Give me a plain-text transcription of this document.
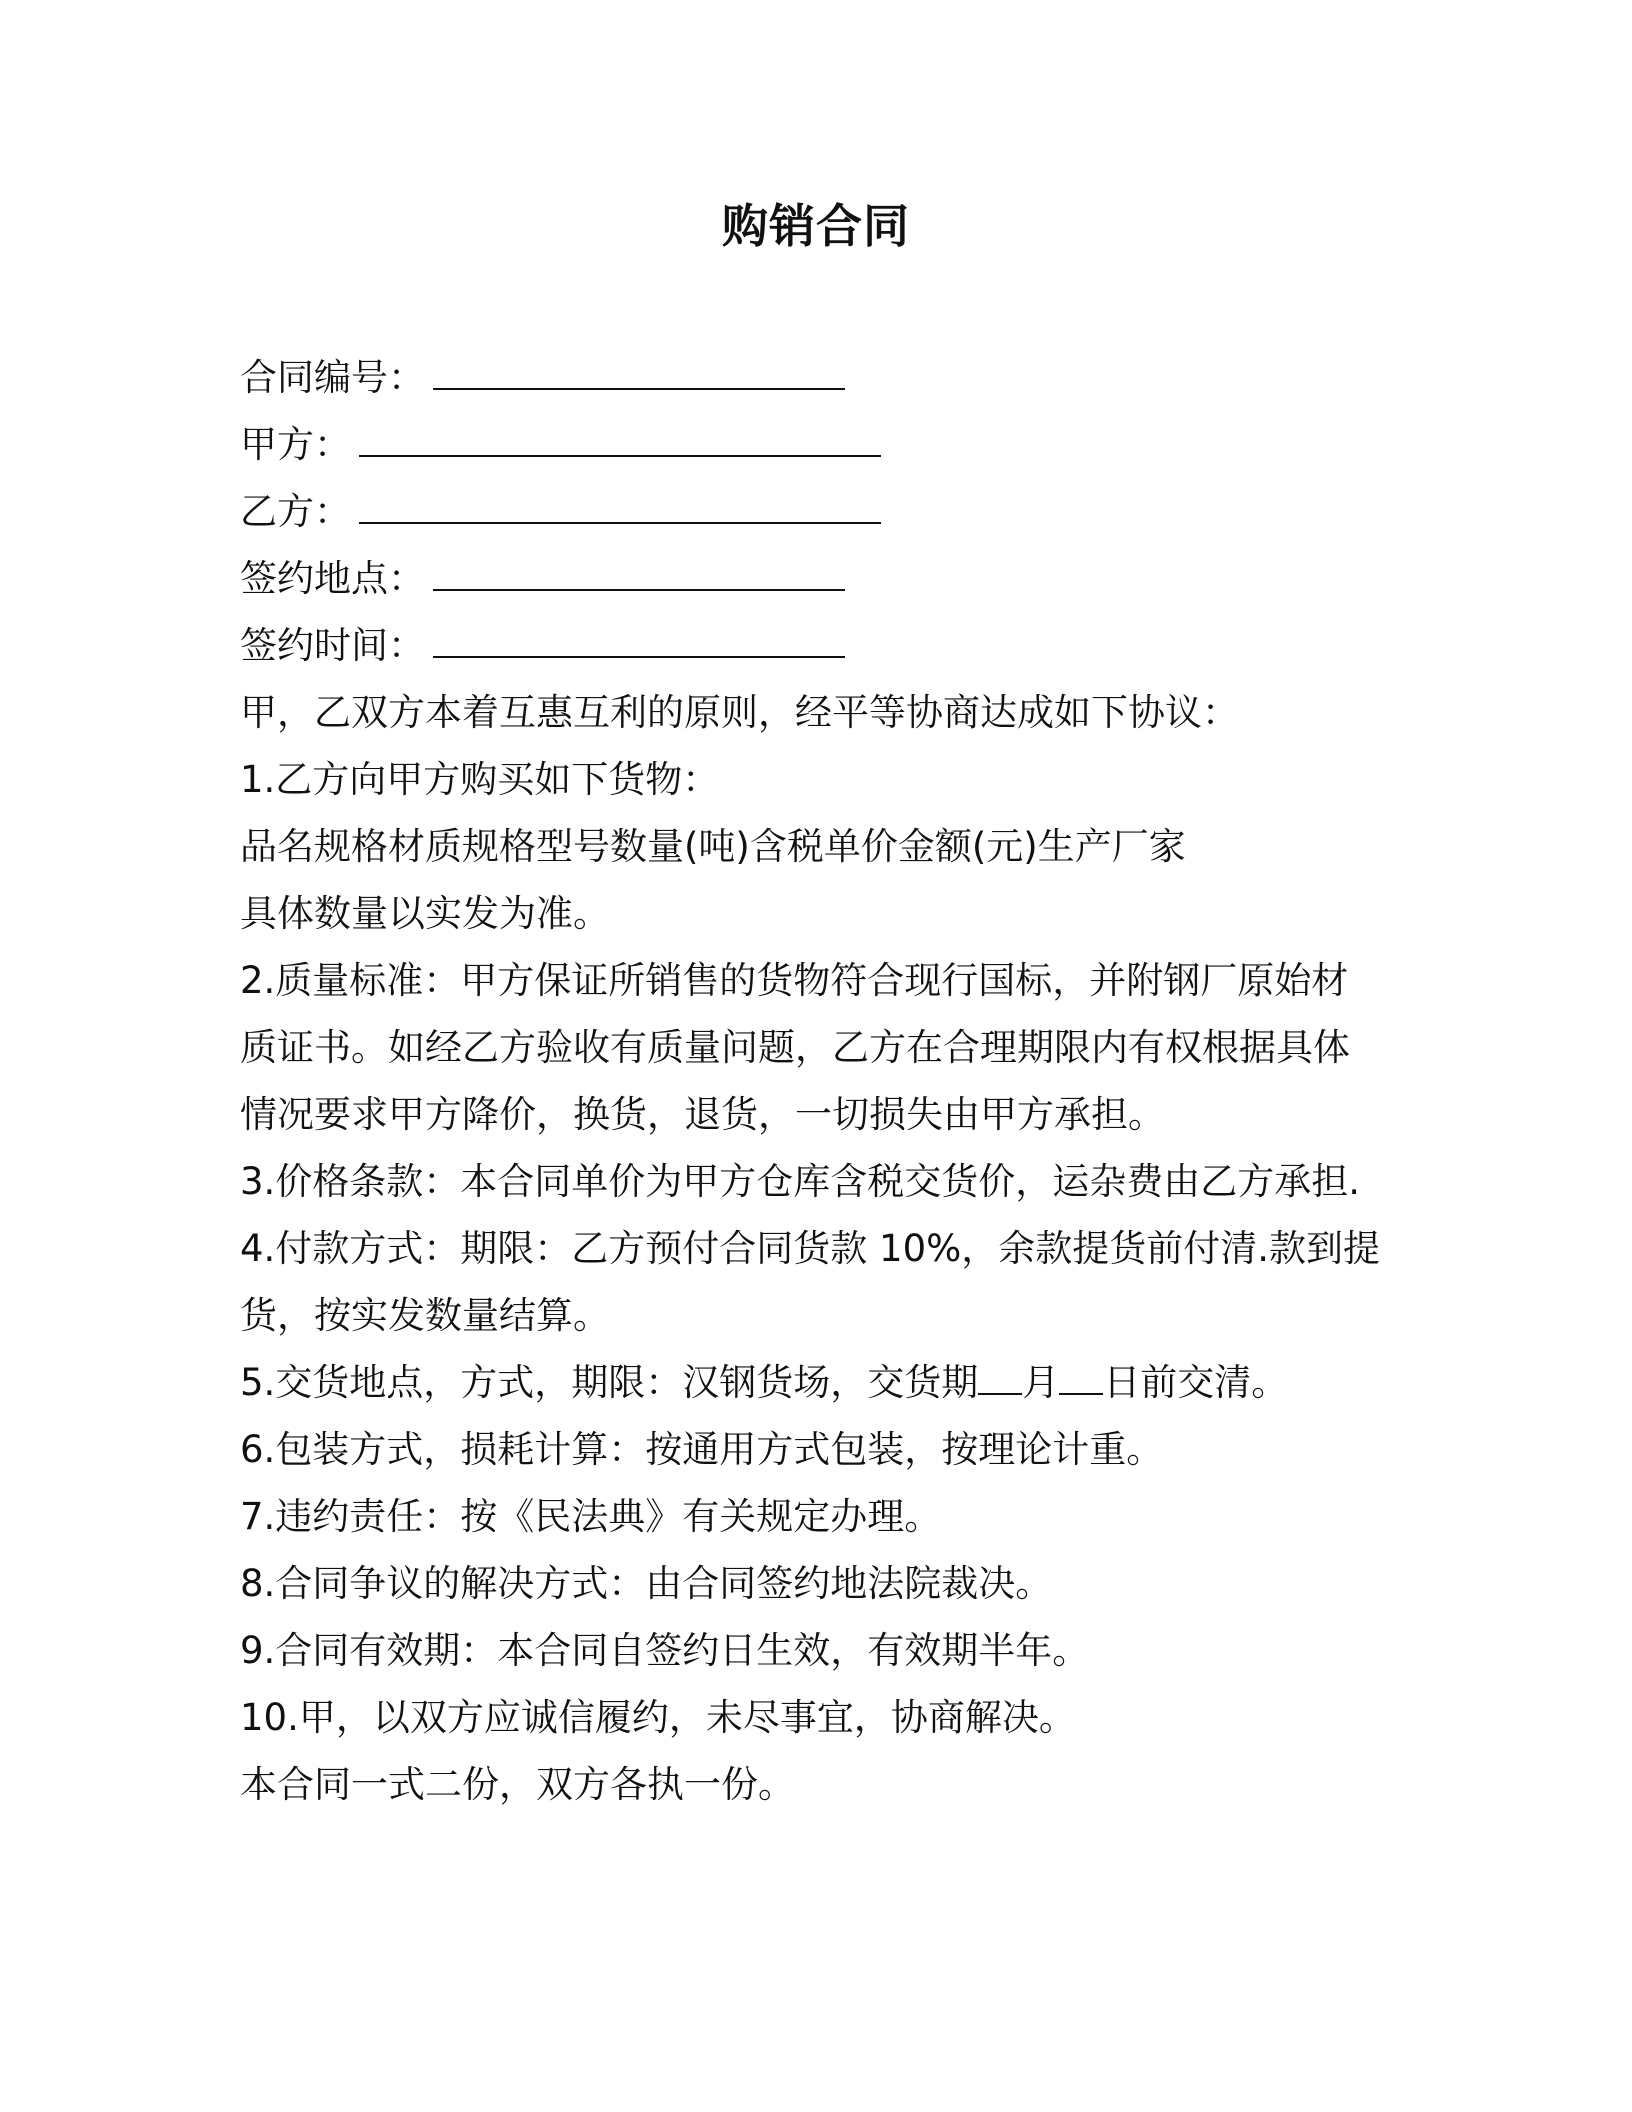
购销合同
合同编号：
甲方：
乙方：
签约地点：
签约时间：
甲，乙双方本着互惠互利的原则，经平等协商达成如下协议：
1.乙方向甲方购买如下货物：
品名规格材质规格型号数量(吨)含税单价金额(元)生产厂家
具体数量以实发为准。
2.质量标准：甲方保证所销售的货物符合现行国标，并附钢厂原始材
质证书。如经乙方验收有质量问题，乙方在合理期限内有权根据具体
情况要求甲方降价，换货，退货，一切损失由甲方承担。
3.价格条款：本合同单价为甲方仓库含税交货价，运杂费由乙方承担.
4.付款方式：期限：乙方预付合同货款 10%，余款提货前付清.款到提
货，按实发数量结算。
5.交货地点，方式，期限：汉钢货场，交货期 月 日前交清。
6.包装方式，损耗计算：按通用方式包装，按理论计重。
7.违约责任：按《民法典》有关规定办理。
8.合同争议的解决方式：由合同签约地法院裁决。
9.合同有效期：本合同自签约日生效，有效期半年。
10.甲，以双方应诚信履约，未尽事宜，协商解决。
本合同一式二份，双方各执一份。
